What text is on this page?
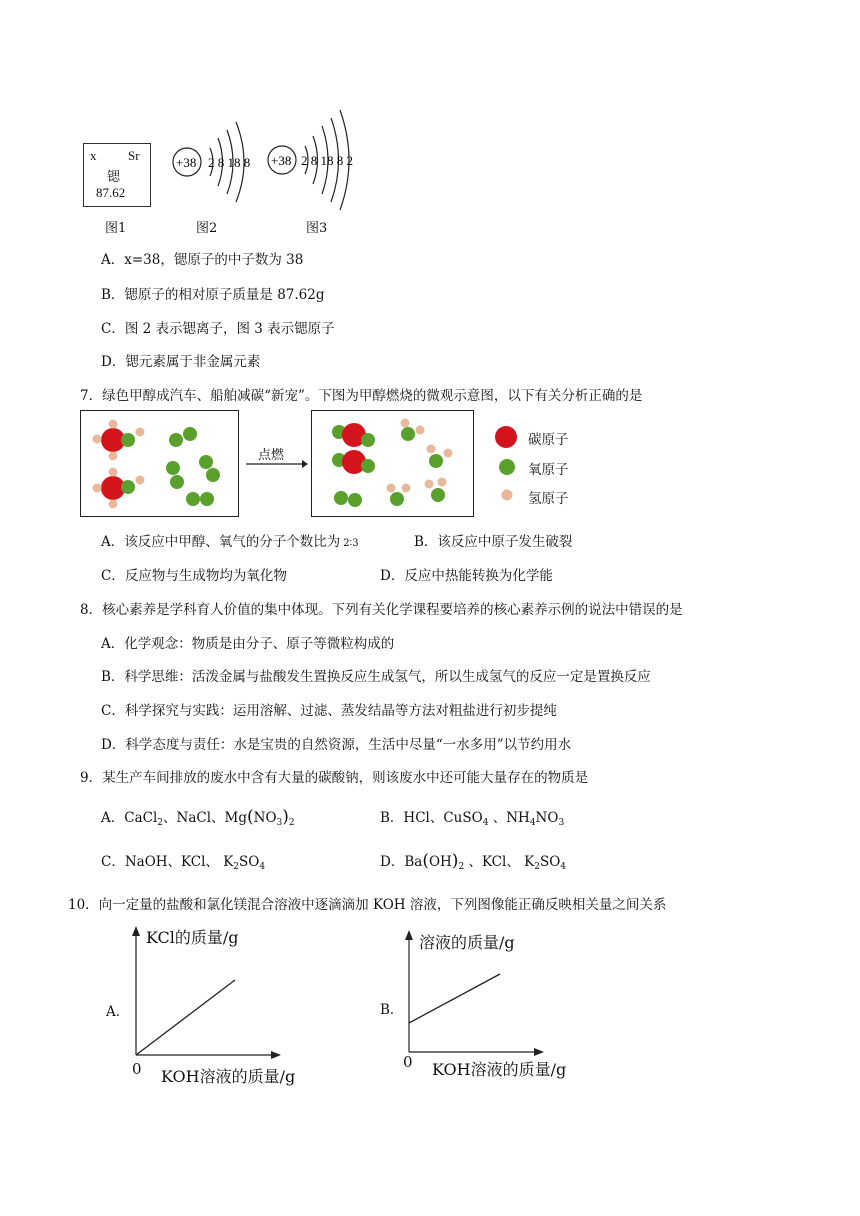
x Sr
锶
87.62
图1
+38 2 8 18 8
图2
+38 2 8 18 8 2
图3
A．x=38，锶原子的中子数为 38
B．锶原子的相对原子质量是 87.62g
C．图 2 表示锶离子，图 3 表示锶原子
D．锶元素属于非金属元素
7．绿色甲醇成汽车、船舶减碳“新宠”。下图为甲醇燃烧的微观示意图，以下有关分析正确的是
点燃
碳原子
氧原子
氢原子
A．该反应中甲醇、氧气的分子个数比为 2∶3	B．该反应中原子发生破裂
C．反应物与生成物均为氧化物	D．反应中热能转换为化学能
8．核心素养是学科育人价值的集中体现。下列有关化学课程要培养的核心素养示例的说法中错误的是
A．化学观念：物质是由分子、原子等微粒构成的
B．科学思维：活泼金属与盐酸发生置换反应生成氢气，所以生成氢气的反应一定是置换反应
C．科学探究与实践：运用溶解、过滤、蒸发结晶等方法对粗盐进行初步提纯
D．科学态度与责任：水是宝贵的自然资源，生活中尽量“一水多用”以节约用水
9．某生产车间排放的废水中含有大量的碳酸钠，则该废水中还可能大量存在的物质是
A．CaCl$_2$、NaCl、$Mg(NO_3)_2$	B．HCl、CuSO$_4$ 、$NH_4NO_3$
C．NaOH、KCl、 $K_2SO_4$	D．$Ba(OH)_2$ 、KCl、 $K_2SO_4$
10．向一定量的盐酸和氯化镁混合溶液中逐滴滴加 KOH 溶液，下列图像能正确反映相关量之间关系
A．
KCl的质量/g
0 KOH溶液的质量/g
B．
溶液的质量/g
0 KOH溶液的质量/g
